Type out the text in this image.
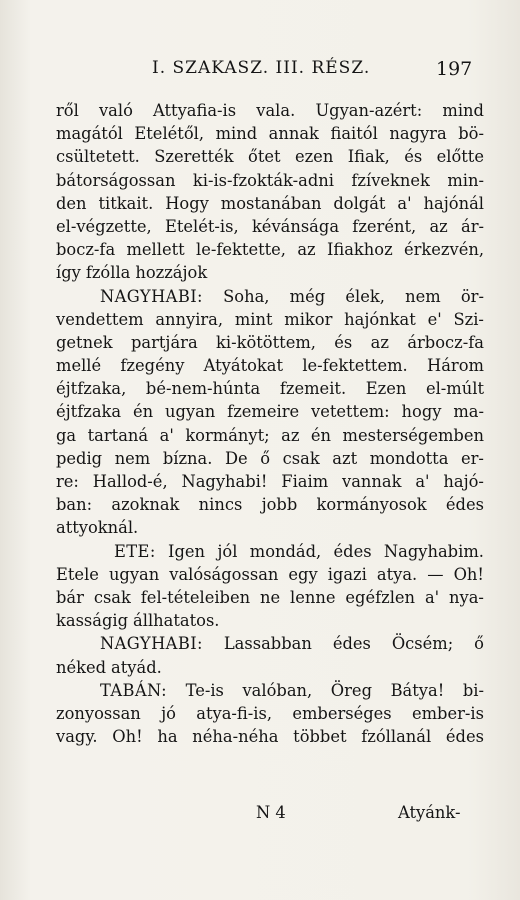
I. SZAKASZ. III. RÉSZ.	197
ről való Attyafia-is vala. Ugyan-azért: mind
magától Etelétől, mind annak fiaitól nagyra bö-
csültetett. Szerették őtet ezen Ifiak, és előtte
bátorságossan ki-is-fzokták-adni fzíveknek min-
den titkait. Hogy mostanában dolgát a' hajónál
el-végzette, Etelét-is, kévánsága fzerént, az ár-
bocz-fa mellett le-fektette, az Ifiakhoz érkezvén,
így fzólla hozzájok
NAGYHABI: Soha, még élek, nem ör-
vendettem annyira, mint mikor hajónkat e' Szi-
getnek partjára ki-kötöttem, és az árbocz-fa
mellé fzegény Atyátokat le-fektettem. Három
éjtfzaka, bé-nem-húnta fzemeit. Ezen el-múlt
éjtfzaka én ugyan fzemeire vetettem: hogy ma-
ga tartaná a' kormányt; az én mesterségemben
pedig nem bízna. De ő csak azt mondotta er-
re: Hallod-é, Nagyhabi! Fiaim vannak a' hajó-
ban: azoknak nincs jobb kormányosok édes
attyoknál.
ETE: Igen jól mondád, édes Nagyhabim.
Etele ugyan valóságossan egy igazi atya. — Oh!
bár csak fel-tételeiben ne lenne egéfzlen a' nya-
kasságig állhatatos.
NAGYHABI: Lassabban édes Öcsém; ő
néked atyád.
TABÁN: Te-is valóban, Öreg Bátya! bi-
zonyossan jó atya-fi-is, emberséges ember-is
vagy. Oh! ha néha-néha többet fzóllanál édes
N 4	Atyánk-
